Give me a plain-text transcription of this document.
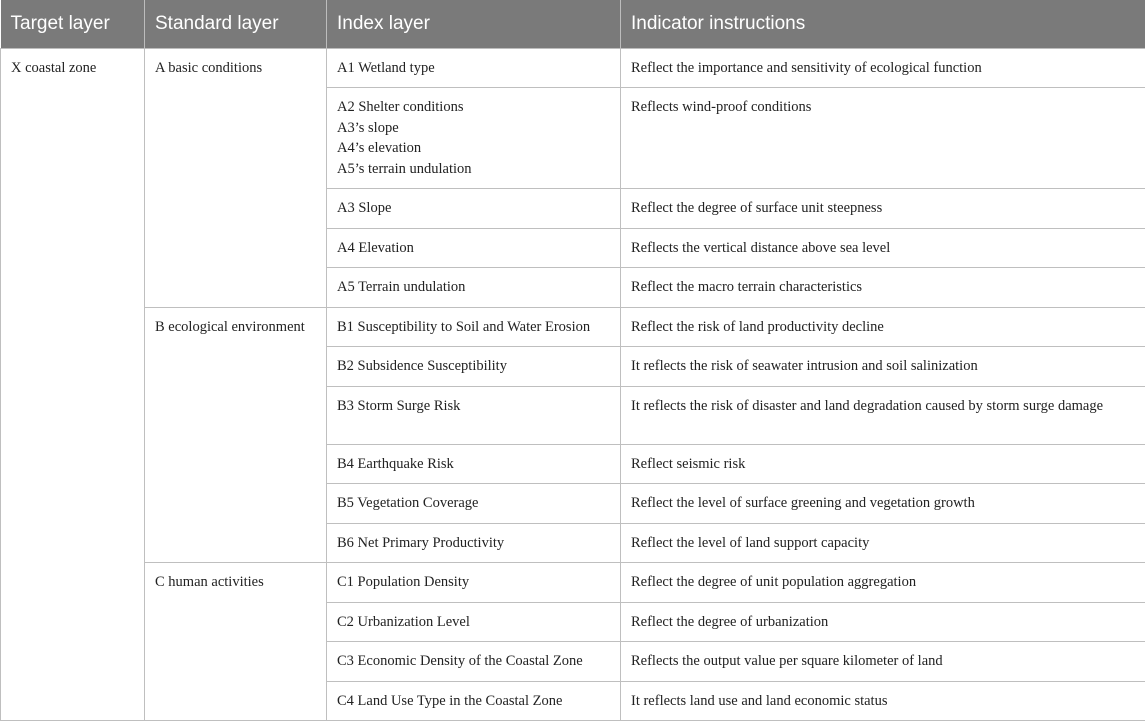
Target layer	Standard layer	Index layer	Indicator instructions
X coastal zone	A basic conditions	A1 Wetland type	Reflect the importance and sensitivity of ecological function

		A2 Shelter conditions
A3’s slope
A4’s elevation
A5’s terrain undulation	Reflects wind-proof conditions

		A3 Slope	Reflect the degree of surface unit steepness

		A4 Elevation	Reflects the vertical distance above sea level

		A5 Terrain undulation	Reflect the macro terrain characteristics
	B ecological environment	B1 Susceptibility to Soil and Water Erosion	Reflect the risk of land productivity decline

		B2 Subsidence Susceptibility	It reflects the risk of seawater intrusion and soil salinization

		B3 Storm Surge Risk	It reflects the risk of disaster and land degradation caused by storm surge damage

		B4 Earthquake Risk	Reflect seismic risk

		B5 Vegetation Coverage	Reflect the level of surface greening and vegetation growth

		B6 Net Primary Productivity	Reflect the level of land support capacity
	C human activities	C1 Population Density	Reflect the degree of unit population aggregation

		C2 Urbanization Level	Reflect the degree of urbanization

		C3 Economic Density of the Coastal Zone	Reflects the output value per square kilometer of land

		C4 Land Use Type in the Coastal Zone	It reflects land use and land economic status
